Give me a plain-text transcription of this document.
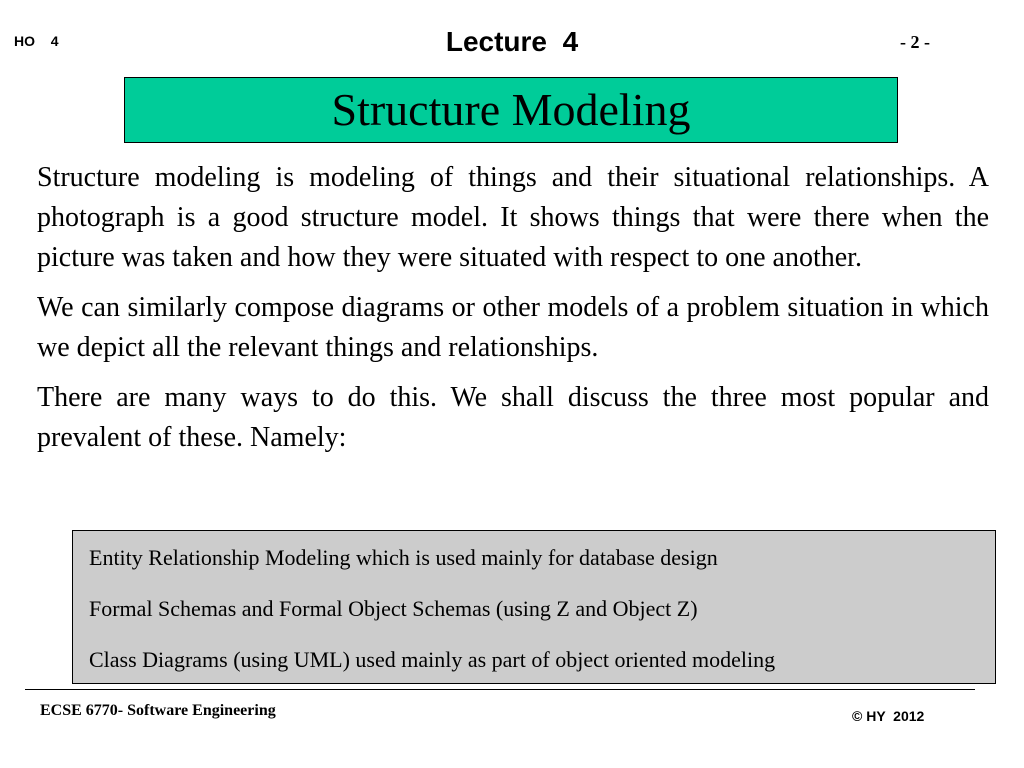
HO  4	Lecture  4	- 2 -
Structure Modeling

Structure modeling is modeling of things and their situational relationships. A photograph is a good structure model. It shows things that were there when the picture was taken and how they were situated with respect to one another.

We can similarly compose diagrams or other models of a problem situation in which we depict all the relevant things and relationships.

There are many ways to do this. We shall discuss the three most popular and prevalent of these. Namely:

Entity Relationship Modeling which is used mainly for database design
Formal Schemas and Formal Object Schemas (using Z and Object Z)
Class Diagrams (using UML) used mainly as part of object oriented modeling
ECSE 6770- Software Engineering	© HY  2012
